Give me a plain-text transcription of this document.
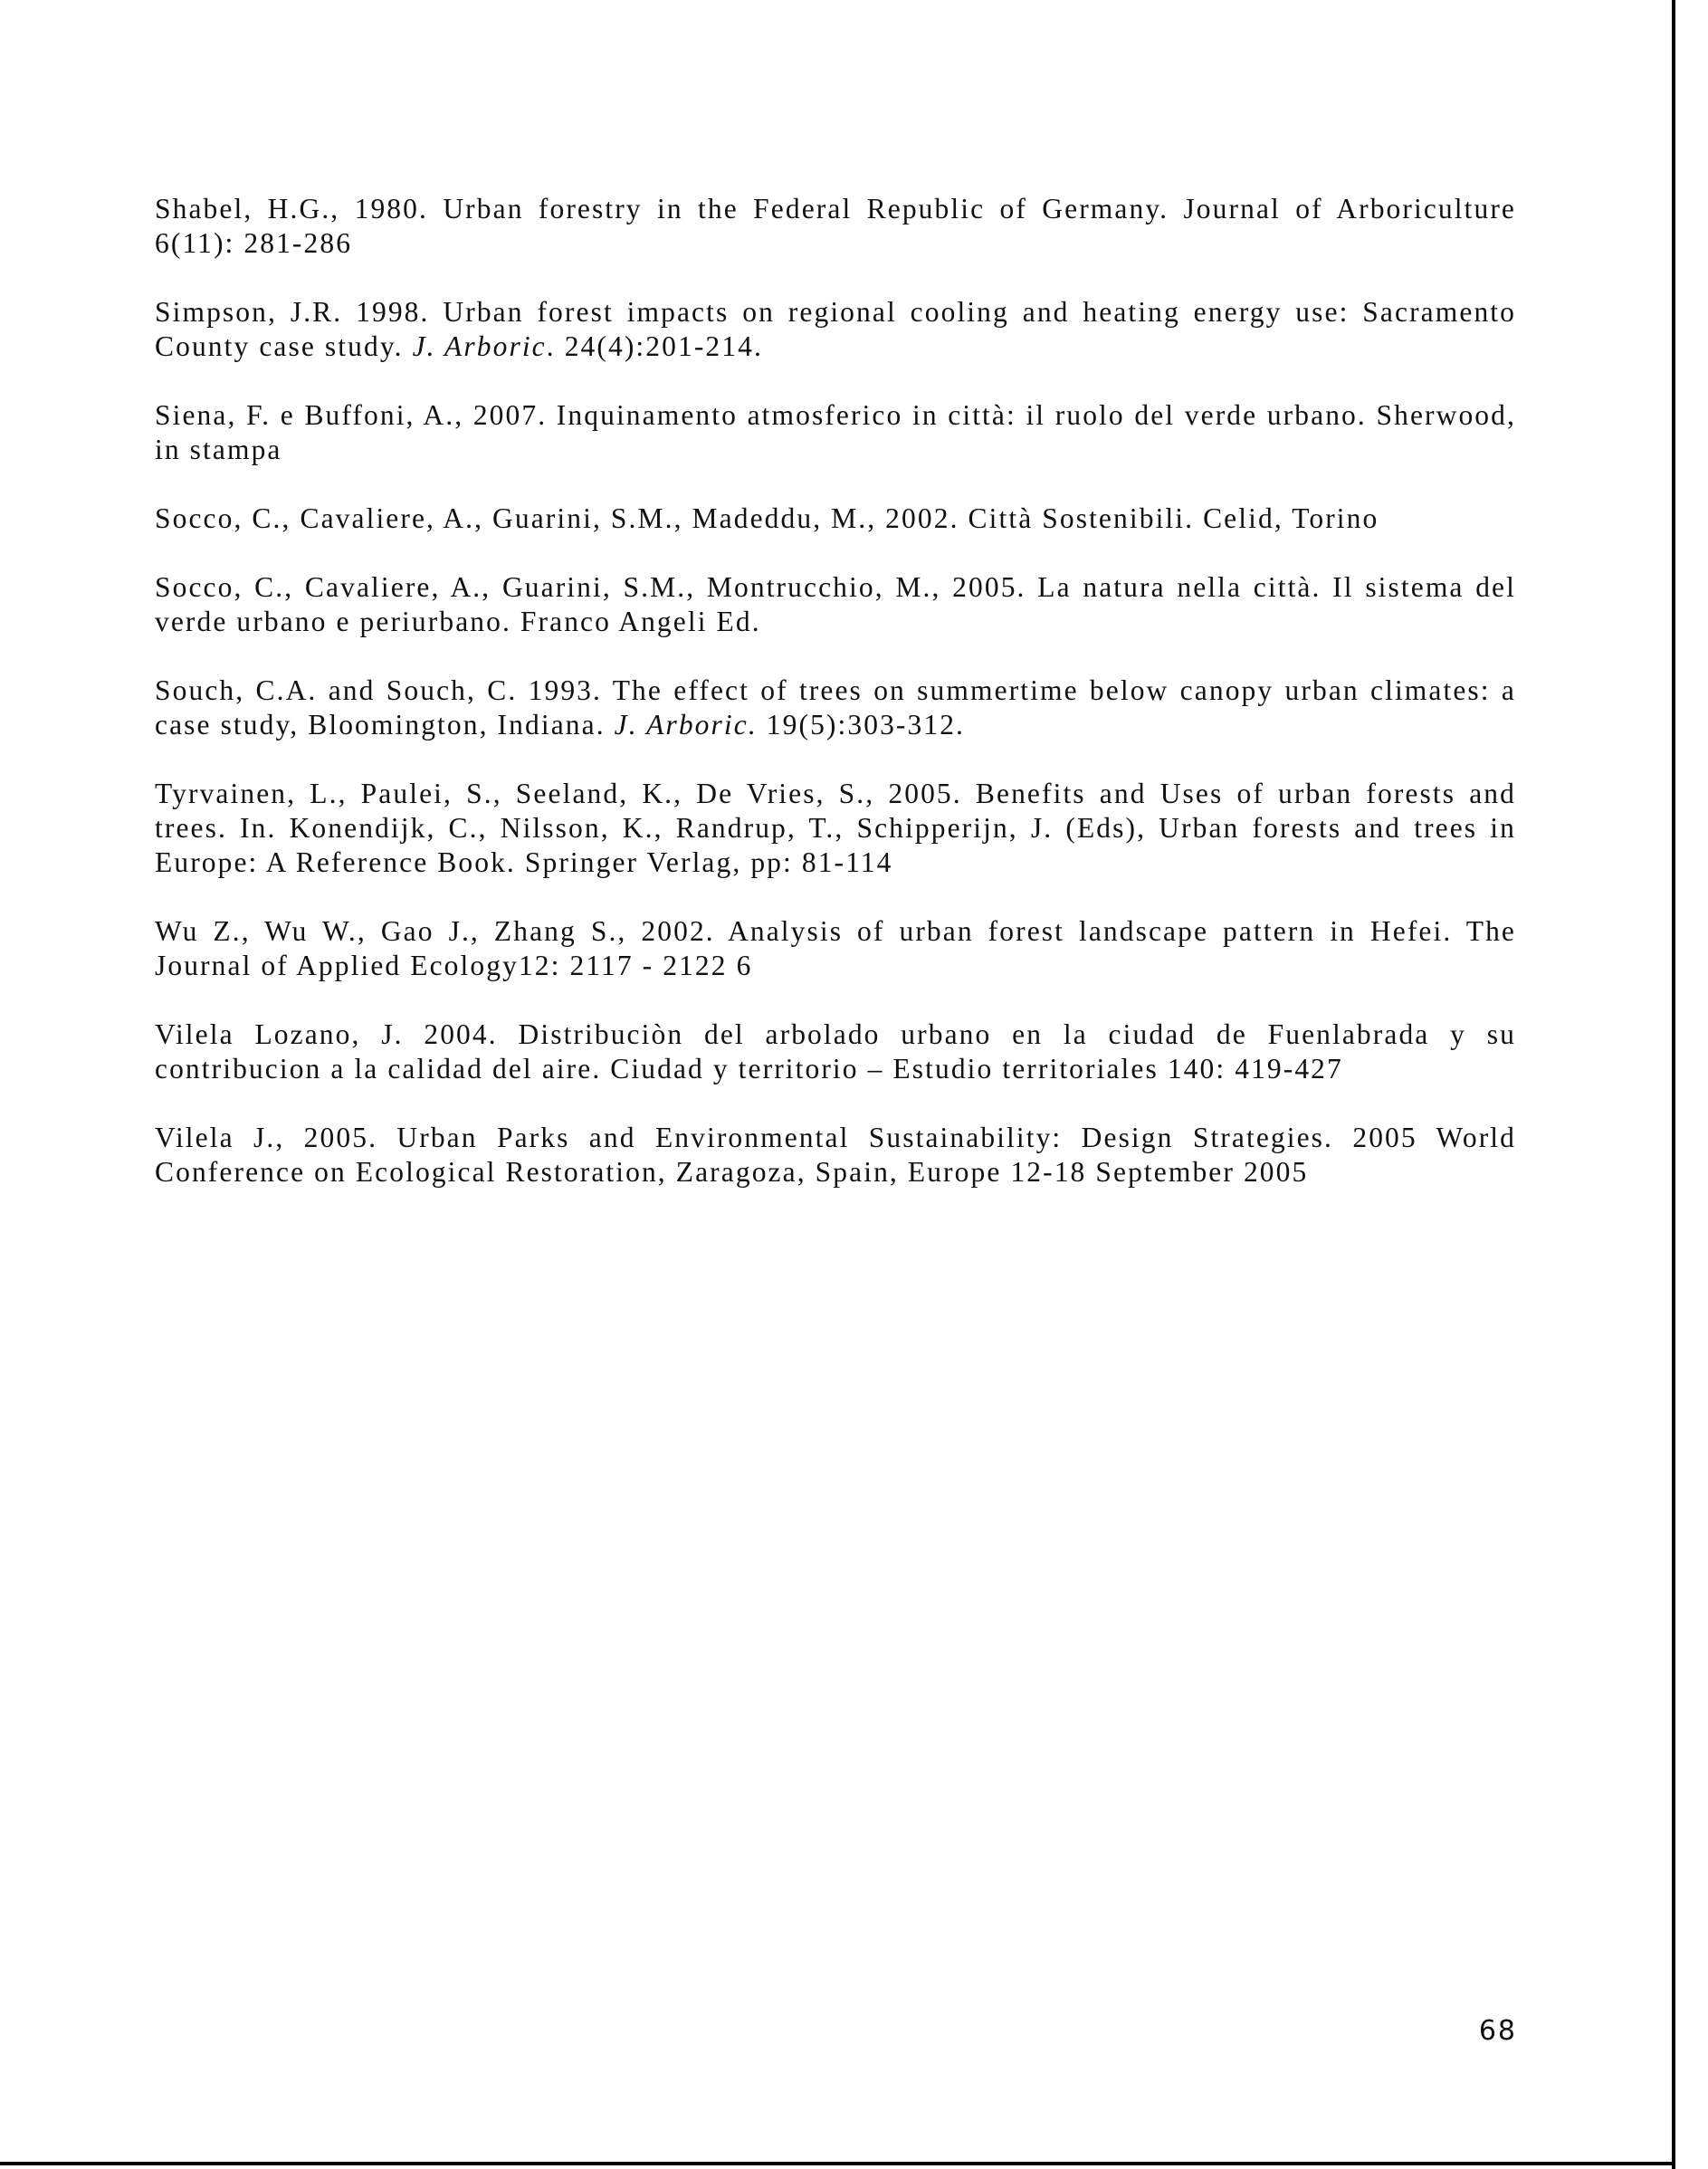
Shabel, H.G., 1980. Urban forestry in the Federal Republic of Germany. Journal of Arboriculture 6(11): 281-286

Simpson, J.R. 1998. Urban forest impacts on regional cooling and heating energy use: Sacramento County case study. J. Arboric. 24(4):201-214.

Siena, F. e Buffoni, A., 2007. Inquinamento atmosferico in città: il ruolo del verde urbano. Sherwood, in stampa

Socco, C., Cavaliere, A., Guarini, S.M., Madeddu, M., 2002. Città Sostenibili. Celid, Torino

Socco, C., Cavaliere, A., Guarini, S.M., Montrucchio, M., 2005. La natura nella città. Il sistema del verde urbano e periurbano. Franco Angeli Ed.

Souch, C.A. and Souch, C. 1993. The effect of trees on summertime below canopy urban climates: a case study, Bloomington, Indiana. J. Arboric. 19(5):303-312.

Tyrvainen, L., Paulei, S., Seeland, K., De Vries, S., 2005. Benefits and Uses of urban forests and trees. In. Konendijk, C., Nilsson, K., Randrup, T., Schipperijn, J. (Eds), Urban forests and trees in Europe: A Reference Book. Springer Verlag, pp: 81-114

Wu Z., Wu W., Gao J., Zhang S., 2002. Analysis of urban forest landscape pattern in Hefei. The Journal of Applied Ecology12: 2117 - 2122 6

Vilela Lozano, J. 2004. Distribuciòn del arbolado urbano en la ciudad de Fuenlabrada y su contribucion a la calidad del aire. Ciudad y territorio – Estudio territoriales 140: 419-427

Vilela J., 2005. Urban Parks and Environmental Sustainability: Design Strategies. 2005 World Conference on Ecological Restoration, Zaragoza, Spain, Europe 12-18 September 2005

68
